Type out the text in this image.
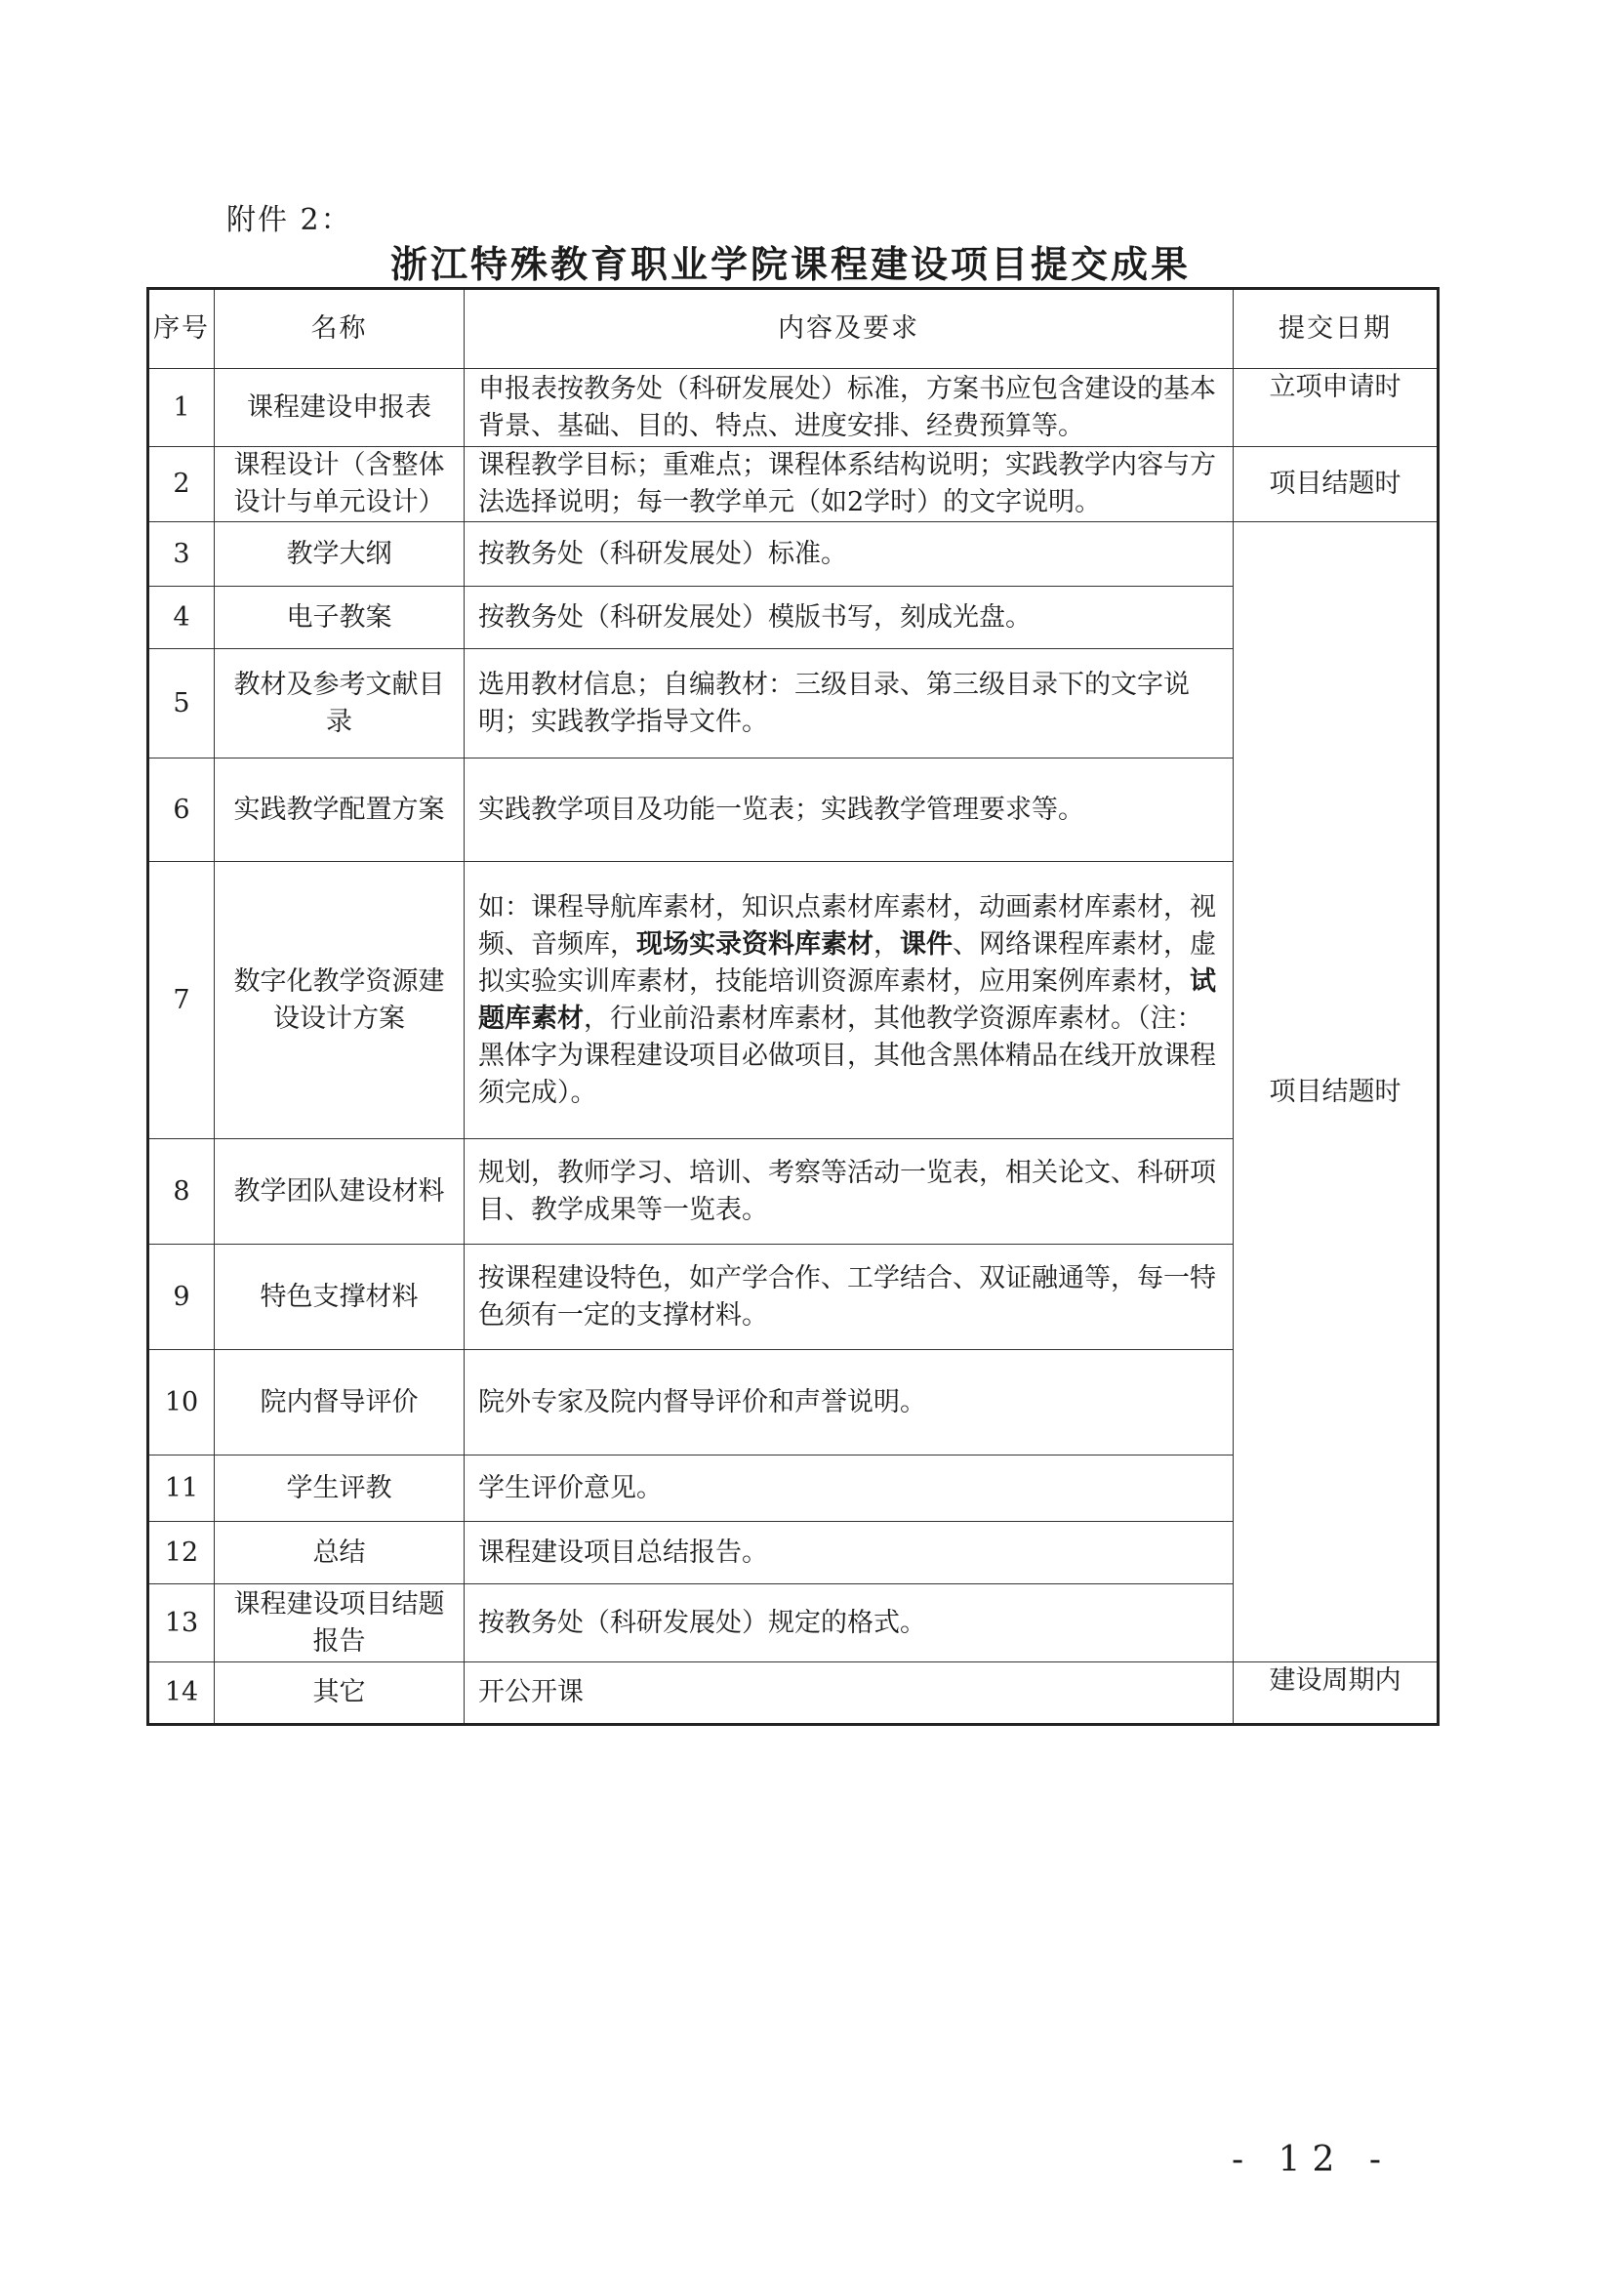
附件 2：
浙江特殊教育职业学院课程建设项目提交成果
序号	名称	内容及要求	提交日期
1	课程建设申报表	申报表按教务处（科研发展处）标准，方案书应包含建设的基本背景、基础、目的、特点、进度安排、经费预算等。	立项申请时
2	课程设计（含整体设计与单元设计）	课程教学目标；重难点；课程体系结构说明；实践教学内容与方法选择说明；每一教学单元（如2学时）的文字说明。	项目结题时
3	教学大纲	按教务处（科研发展处）标准。	项目结题时
4	电子教案	按教务处（科研发展处）模版书写，刻成光盘。	
5	教材及参考文献目录	选用教材信息；自编教材：三级目录、第三级目录下的文字说明；实践教学指导文件。	
6	实践教学配置方案	实践教学项目及功能一览表；实践教学管理要求等。	
7	数字化教学资源建设设计方案	如：课程导航库素材，知识点素材库素材，动画素材库素材，视频、音频库，现场实录资料库素材，课件、网络课程库素材，虚拟实验实训库素材，技能培训资源库素材，应用案例库素材，试题库素材，行业前沿素材库素材，其他教学资源库素材。（注：黑体字为课程建设项目必做项目，其他含黑体精品在线开放课程须完成）。	
8	教学团队建设材料	规划，教师学习、培训、考察等活动一览表，相关论文、科研项目、教学成果等一览表。	
9	特色支撑材料	按课程建设特色，如产学合作、工学结合、双证融通等，每一特色须有一定的支撑材料。	
10	院内督导评价	院外专家及院内督导评价和声誉说明。	
11	学生评教	学生评价意见。	
12	总结	课程建设项目总结报告。	
13	课程建设项目结题报告	按教务处（科研发展处）规定的格式。	
14	其它	开公开课	建设周期内
- 12 -
